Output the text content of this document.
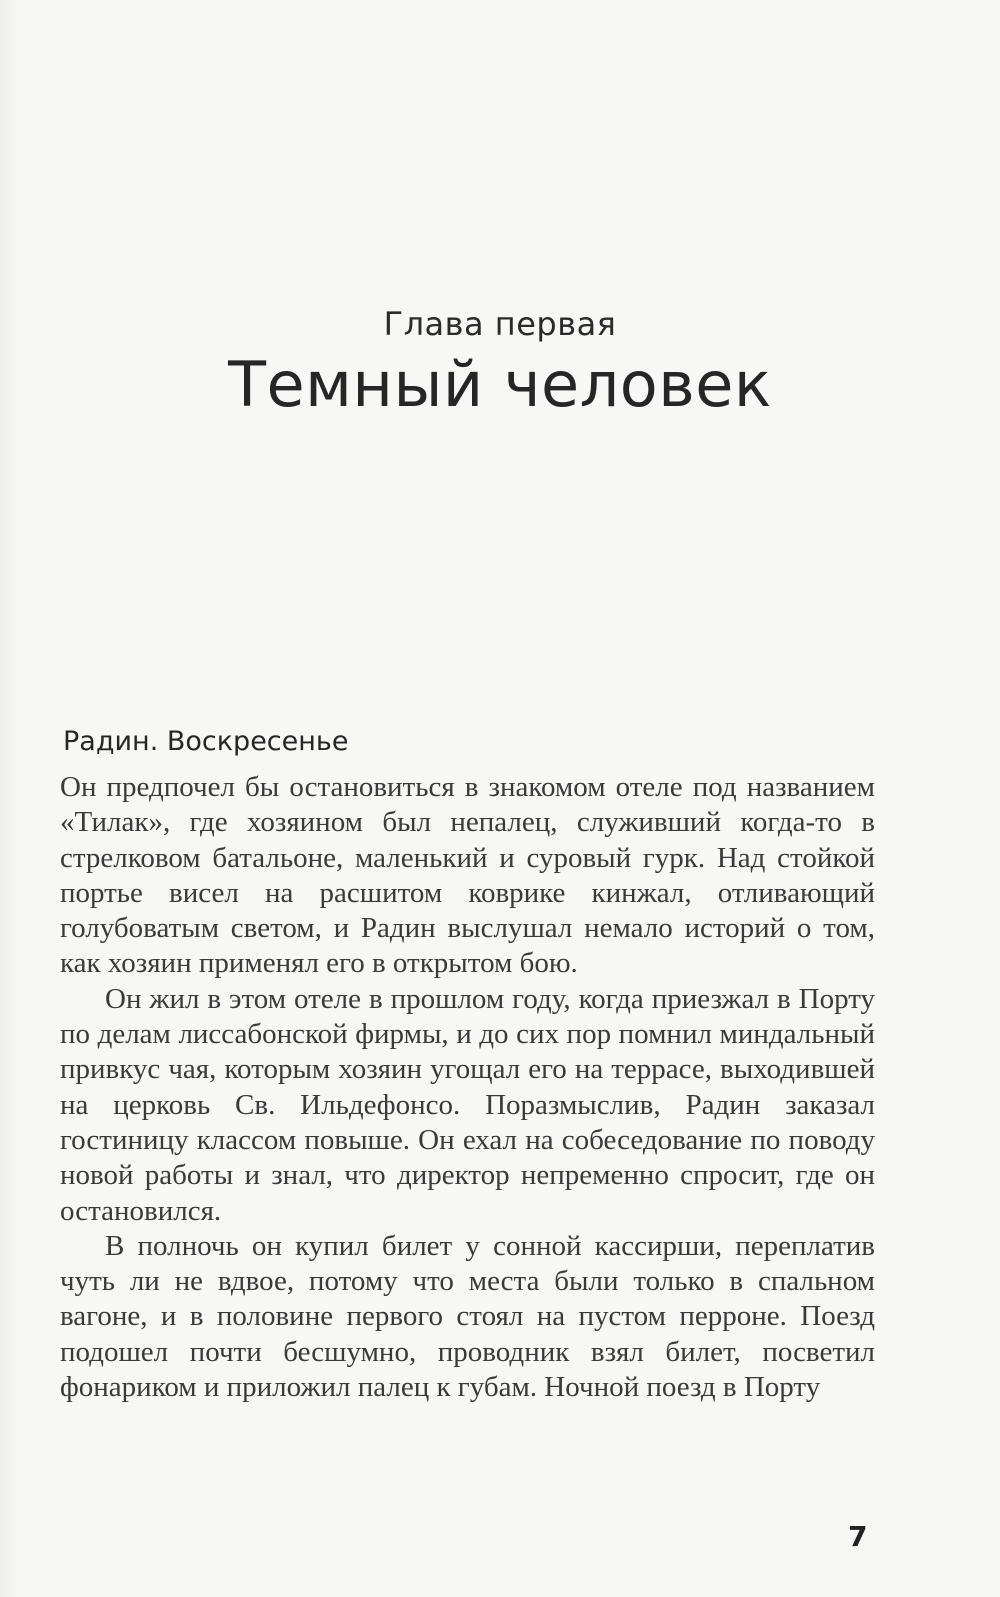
Глава первая
Темный человек
Радин. Воскресенье

Он предпочел бы остановиться в знакомом отеле под названием «Тилак», где хозяином был непалец, служивший когда-то в стрелковом батальоне, маленький и суровый гурк. Над стойкой портье висел на расшитом коврике кинжал, отливающий голубоватым светом, и Радин выслушал немало историй о том, как хозяин применял его в открытом бою.

Он жил в этом отеле в прошлом году, когда приезжал в Порту по делам лиссабонской фирмы, и до сих пор помнил миндальный привкус чая, которым хозяин угощал его на террасе, выходившей на церковь Св. Ильдефонсо. Поразмыслив, Радин заказал гостиницу классом повыше. Он ехал на собеседование по поводу новой работы и знал, что директор непременно спросит, где он остановился.

В полночь он купил билет у сонной кассирши, переплатив чуть ли не вдвое, потому что места были только в спальном вагоне, и в половине первого стоял на пустом перроне. Поезд подошел почти бесшумно, проводник взял билет, посветил фонариком и приложил палец к губам. Ночной поезд в Порту

7
